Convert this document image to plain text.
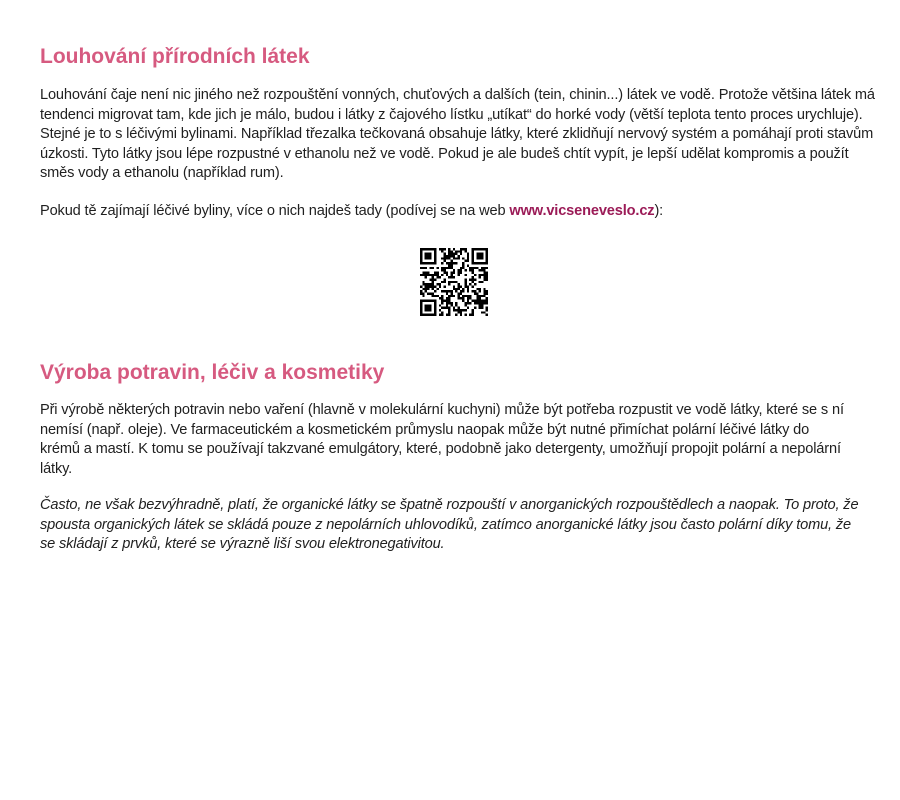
Louhování přírodních látek

Louhování čaje není nic jiného než rozpouštění vonných, chuťových a dalších (tein, chinin...) látek ve vodě. Protože většina látek má tendenci migrovat tam, kde jich je málo, budou i látky z čajového lístku „utíkat“ do horké vody (větší teplota tento proces urychluje). Stejné je to s léčivými bylinami. Například třezalka tečkovaná obsahuje látky, které zklidňují nervový systém a pomáhají proti stavům úzkosti. Tyto látky jsou lépe rozpustné v ethanolu než ve vodě. Pokud je ale budeš chtít vypít, je lepší udělat kompromis a použít směs vody a ethanolu (například rum).

Pokud tě zajímají léčivé byliny, více o nich najdeš tady (podívej se na web www.vicseneveslo.cz):

Výroba potravin, léčiv a kosmetiky

Při výrobě některých potravin nebo vaření (hlavně v molekulární kuchyni) může být potřeba rozpustit ve vodě látky, které se s ní nemísí (např. oleje). Ve farmaceutickém a kosmetickém průmyslu naopak může být nutné přimíchat polární léčivé látky do krémů a mastí. K tomu se používají takzvané emulgátory, které, podobně jako detergenty, umožňují propojit polární a nepolární látky.

Často, ne však bezvýhradně, platí, že organické látky se špatně rozpouští v anorganických rozpouštědlech a naopak. To proto, že spousta organických látek se skládá pouze z nepolárních uhlovodíků, zatímco anorganické látky jsou často polární díky tomu, že se skládají z prvků, které se výrazně liší svou elektronegativitou.
